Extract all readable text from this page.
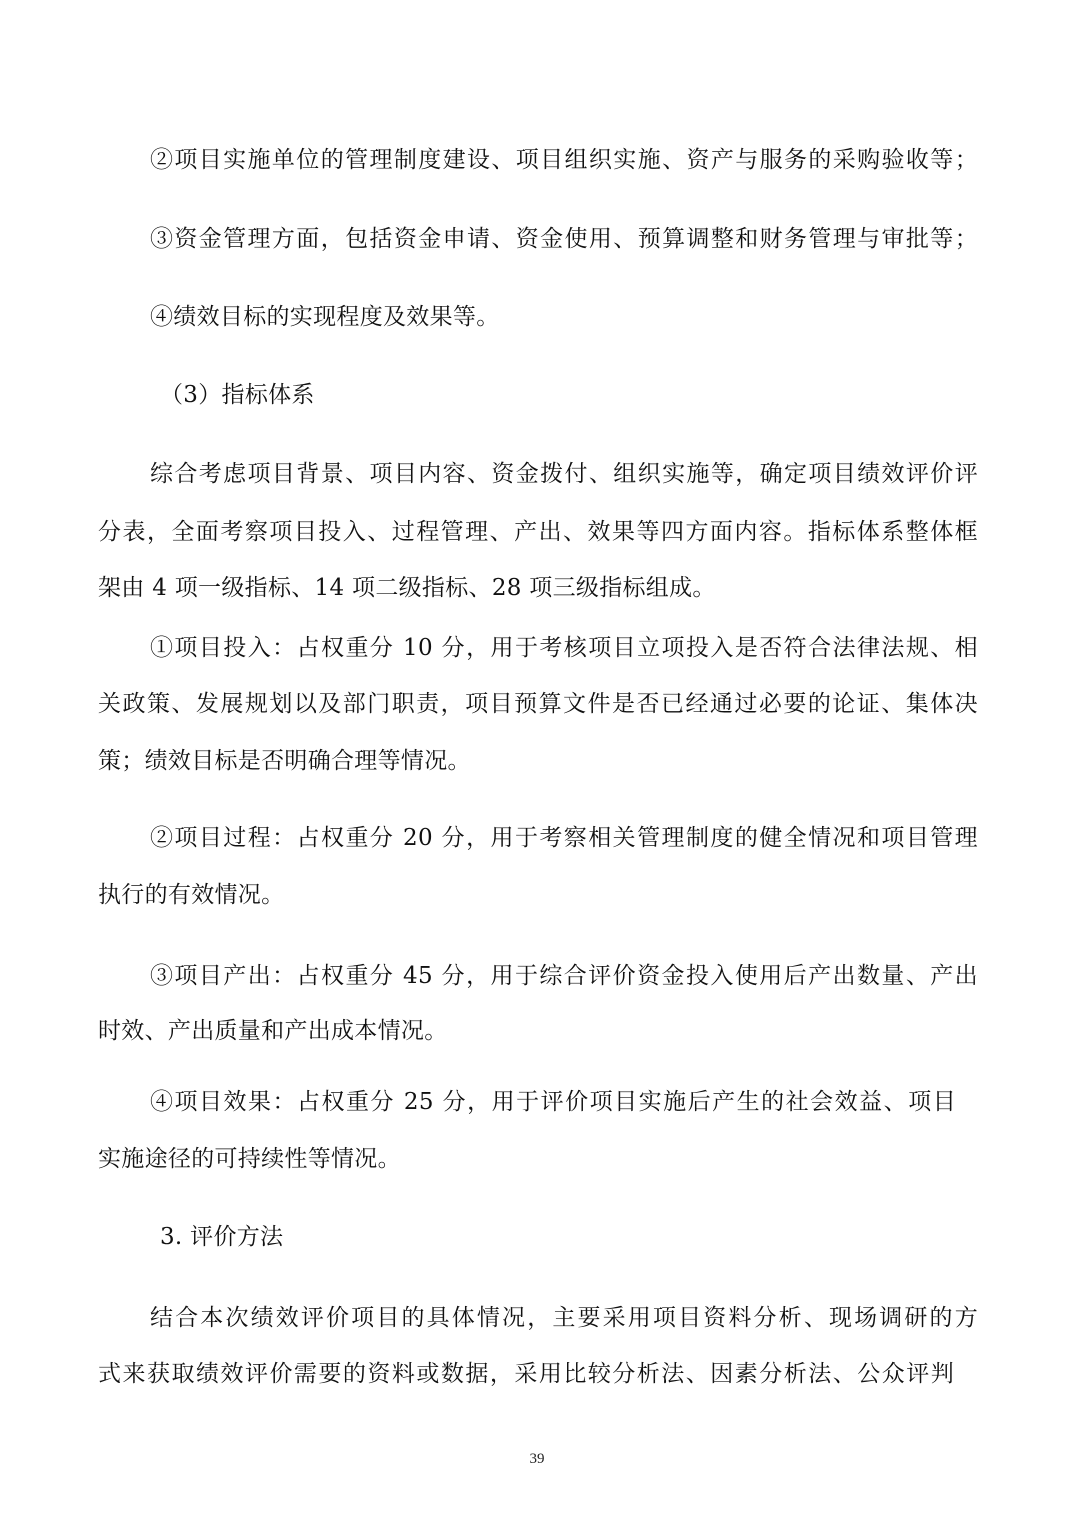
②项目实施单位的管理制度建设、项目组织实施、资产与服务的采购验收等；
③资金管理方面，包括资金申请、资金使用、预算调整和财务管理与审批等；
④绩效目标的实现程度及效果等。
（3）指标体系
综合考虑项目背景、项目内容、资金拨付、组织实施等，确定项目绩效评价评
分表，全面考察项目投入、过程管理、产出、效果等四方面内容。指标体系整体框
架由 4 项一级指标、14 项二级指标、28 项三级指标组成。
①项目投入：占权重分 10 分，用于考核项目立项投入是否符合法律法规、相
关政策、发展规划以及部门职责，项目预算文件是否已经通过必要的论证、集体决
策；绩效目标是否明确合理等情况。
②项目过程：占权重分 20 分，用于考察相关管理制度的健全情况和项目管理
执行的有效情况。
③项目产出：占权重分 45 分，用于综合评价资金投入使用后产出数量、产出
时效、产出质量和产出成本情况。
④项目效果：占权重分 25 分，用于评价项目实施后产生的社会效益、项目
实施途径的可持续性等情况。
3. 评价方法
结合本次绩效评价项目的具体情况，主要采用项目资料分析、现场调研的方
式来获取绩效评价需要的资料或数据，采用比较分析法、因素分析法、公众评判
39
